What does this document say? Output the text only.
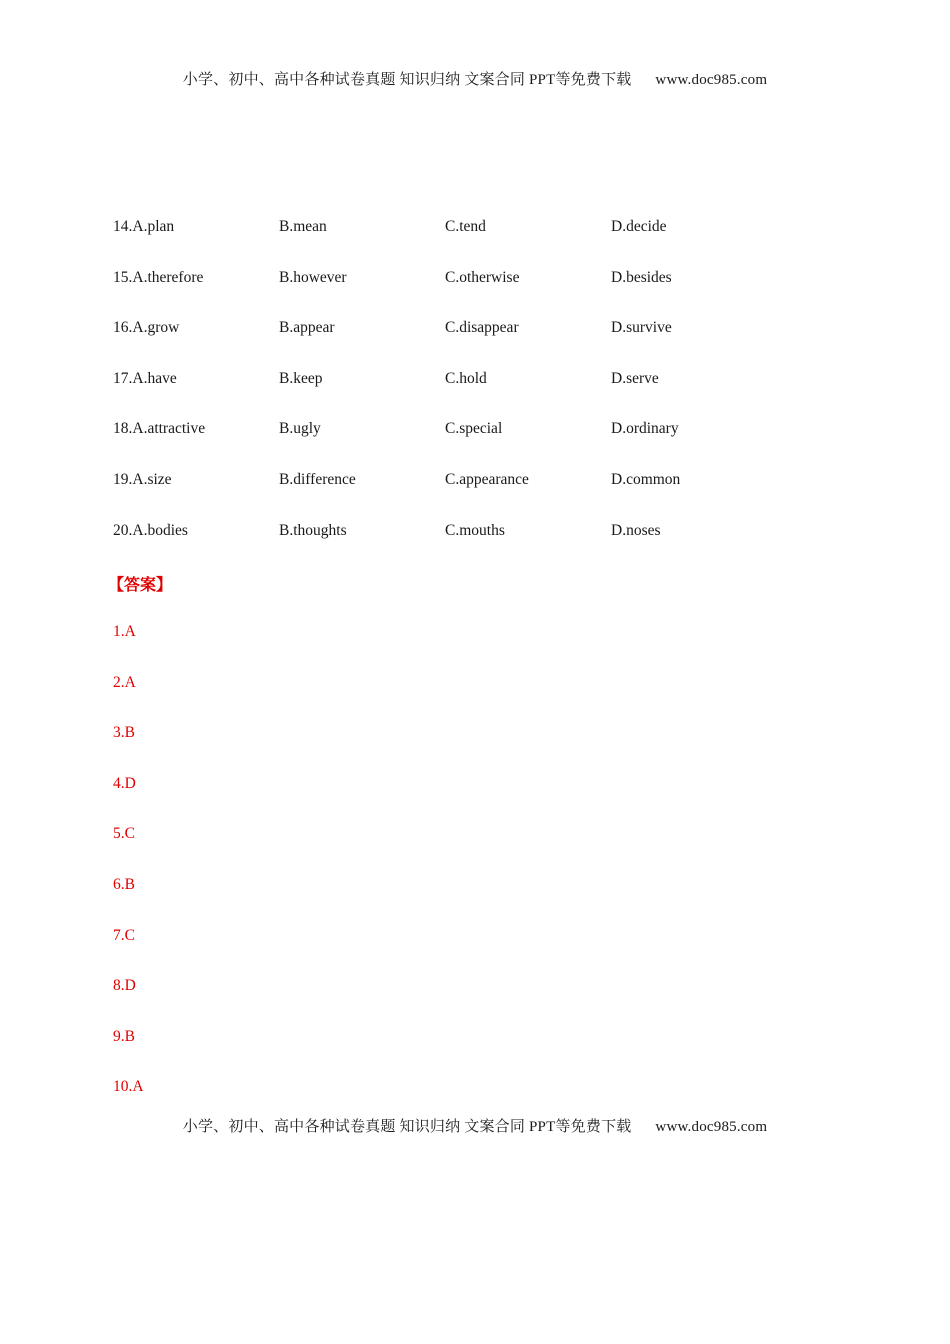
小学、初中、高中各种试卷真题 知识归纳 文案合同 PPT等免费下载 www.doc985.com
14.A.plan	B.mean	C.tend	D.decide
15.A.therefore	B.however	C.otherwise	D.besides
16.A.grow	B.appear	C.disappear	D.survive
17.A.have	B.keep	C.hold	D.serve
18.A.attractive	B.ugly	C.special	D.ordinary
19.A.size	B.difference	C.appearance	D.common
20.A.bodies	B.thoughts	C.mouths	D.noses
【答案】
1.A
2.A
3.B
4.D
5.C
6.B
7.C
8.D
9.B
10.A
小学、初中、高中各种试卷真题 知识归纳 文案合同 PPT等免费下载 www.doc985.com
